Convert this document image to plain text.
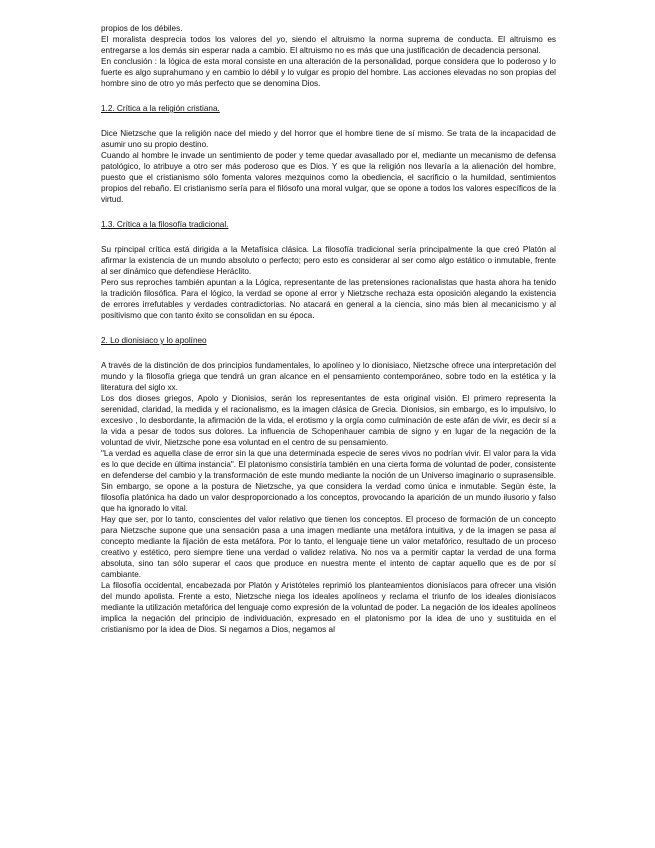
propios de los débiles.

El moralista desprecia todos los valores del yo, siendo el altruismo la norma suprema de conducta. El altruismo es entregarse a los demás sin esperar nada a cambio. El altruismo no es más que una justificación de decadencia personal.

En conclusión : la lógica de esta moral consiste en una alteración de la personalidad, porque considera que lo poderoso y lo fuerte es algo suprahumano y en cambio lo débil y lo vulgar es propio del hombre. Las acciones elevadas no son propias del hombre sino de otro yo más perfecto que se denomina Dios.

1.2. Crítica a la religión cristiana.

Dice Nietzsche que la religión nace del miedo y del horror que el hombre tiene de sí mismo. Se trata de la incapacidad de asumir uno su propio destino.

Cuando al hombre le invade un sentimiento de poder y teme quedar avasallado por el, mediante un mecanismo de defensa patológico, lo atribuye a otro ser más poderoso que es Dios. Y es que la religión nos llevaría a la alienación del hombre, puesto que el cristianismo sólo fomenta valores mezquinos como la obediencia, el sacrificio o la humildad, sentimientos propios del rebaño. El cristianismo sería para el filósofo una moral vulgar, que se opone a todos los valores específicos de la virtud.

1.3. Crítica a la filosofía tradicional.

Su rpincipal crítica está dirigida a la Metafísica clásica. La filosofía tradicional sería principalmente la que creó Platón al afirmar la existencia de un mundo absoluto o perfecto; pero esto es considerar al ser como algo estático o inmutable, frente al ser dinámico que defendiese Heráclito.

Pero sus reproches también apuntan a la Lógica, representante de las pretensiones racionalistas que hasta ahora ha tenido la tradición filosófica. Para el lógico, la verdad se opone al error y Nietzsche rechaza esta oposición alegando la existencia de errores irrefutables y verdades contradictorias. No atacará en general a la ciencia, sino más bien al mecanicismo y al positivismo que con tanto éxito se consolidan en su época.

2. Lo dionisiaco y lo apolíneo

A través de la distinción de dos principios fundamentales, lo apolíneo y lo dionisiaco, Nietzsche ofrece una interpretación del mundo y la filosofía griega que tendrá un gran alcance en el pensamiento contemporáneo, sobre todo en la estética y la literatura del siglo xx.

Los dos dioses griegos, Apolo y Dionisios, serán los representantes de esta original visión. El primero representa la serenidad, claridad, la medida y el racionalismo, es la imagen clásica de Grecia. Dionisios, sin embargo, es lo impulsivo, lo excesivo , lo desbordante, la afirmación de la vida, el erotismo y la orgía como culminación de este afán de vivir, es decir sí a la vida a pesar de todos sus dolores. La influencia de Schopenhauer cambia de signo y en lugar de la negación de la voluntad de vivir, Nietzsche pone esa voluntad en el centro de su pensamiento.

"La verdad es aquella clase de error sin la que una determinada especie de seres vivos no podrían vivir. El valor para la vida es lo que decide en última instancia". El platonismo consistiría también en una cierta forma de voluntad de poder, consistente en defenderse del cambio y la transformación de este mundo mediante la noción de un Universo imaginario o suprasensible. Sin embargo, se opone a la postura de Nietzsche, ya que considera la verdad como única e inmutable. Según éste, la filosofía platónica ha dado un valor desproporcionado a los conceptos, provocando la aparición de un mundo ilusorio y falso que ha ignorado lo vital.

Hay que ser, por lo tanto, conscientes del valor relativo que tienen los conceptos. El proceso de formación de un concepto para Nietzsche supone que una sensación pasa a una imagen mediante una metáfora intuitiva, y de la imagen se pasa al concepto mediante la fijación de esta metáfora. Por lo tanto, el lenguaje tiene un valor metafórico, resultado de un proceso creativo y estético, pero siempre tiene una verdad o validez relativa. No nos va a permitir captar la verdad de una forma absoluta, sino tan sólo superar el caos que produce en nuestra mente el intento de captar aquello que es de por sí cambiante.

La filosofía occidental, encabezada por Platón y Aristóteles reprimió los planteamientos dionisíacos para ofrecer una visión del mundo apolista. Frente a esto, Nietzsche niega los ideales apolíneos y reclama el triunfo de los ideales dionisíacos mediante la utilización metafórica del lenguaje como expresión de la voluntad de poder. La negación de los ideales apolíneos implica la negación del principio de individuación, expresado en el platonismo por la idea de uno y sustituida en el cristianismo por la idea de Dios. Si negamos a Dios, negamos al
